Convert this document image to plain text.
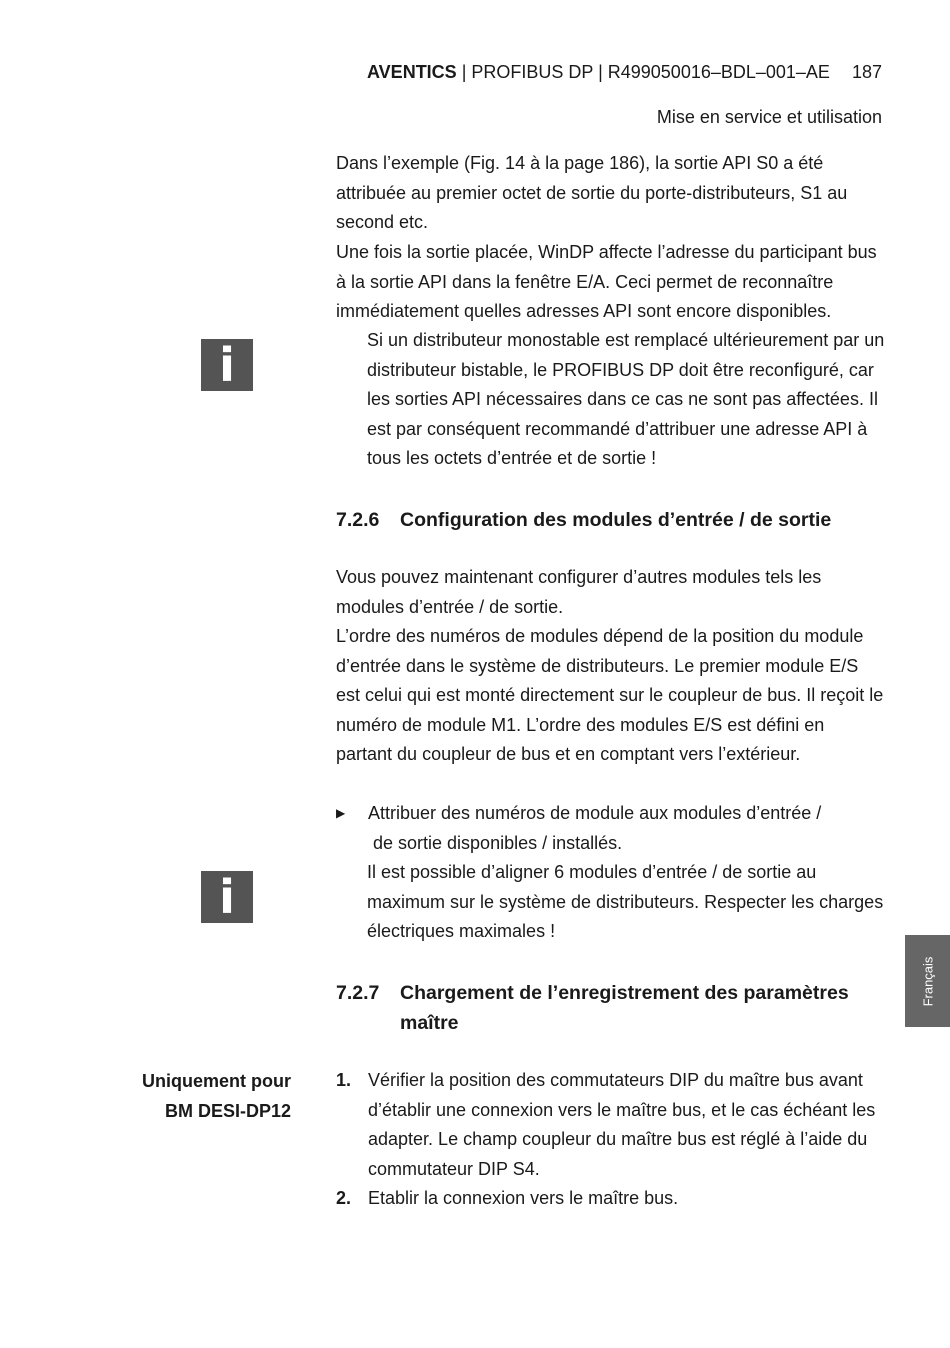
AVENTICS | PROFIBUS DP | R499050016–BDL–001–AE 187
Mise en service et utilisation
Dans l’exemple (Fig. 14 à la page 186), la sortie API S0 a été attribuée au premier octet de sortie du porte-distributeurs, S1 au second etc.
Une fois la sortie placée, WinDP affecte l’adresse du participant bus à la sortie API dans la fenêtre E/A. Ceci permet de reconnaître immédiatement quelles adresses API sont encore disponibles.
i	Si un distributeur monostable est remplacé ultérieurement par un distributeur bistable, le PROFIBUS DP doit être reconfiguré, car les sorties API nécessaires dans ce cas ne sont pas affectées. Il est par conséquent recommandé d’attribuer une adresse API à tous les octets d’entrée et de sortie !
7.2.6 Configuration des modules d’entrée / de sortie
Vous pouvez maintenant configurer d’autres modules tels les modules d’entrée / de sortie.
L’ordre des numéros de modules dépend de la position du module d’entrée dans le système de distributeurs. Le premier module E/S est celui qui est monté directement sur le coupleur de bus. Il reçoit le numéro de module M1. L’ordre des modules E/S est défini en partant du coupleur de bus et en comptant vers l’extérieur.
▶	Attribuer des numéros de module aux modules d’entrée /
de sortie disponibles / installés.
i	Il est possible d’aligner 6 modules d’entrée / de sortie au maximum sur le système de distributeurs. Respecter les charges électriques maximales !
7.2.7 Chargement de l’enregistrement des paramètres
maître
Uniquement pour
BM DESI-DP12
1. Vérifier la position des commutateurs DIP du maître bus avant d’établir une connexion vers le maître bus, et le cas échéant les adapter. Le champ coupleur du maître bus est réglé à l’aide du commutateur DIP S4.
2. Etablir la connexion vers le maître bus.
Français
